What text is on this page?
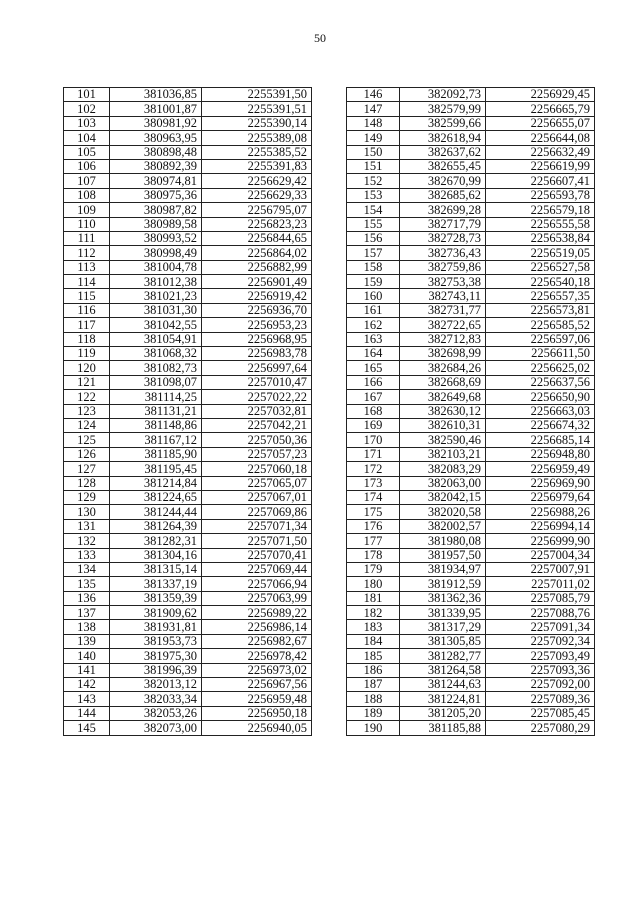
50
101	381036,85	2255391,50
102	381001,87	2255391,51
103	380981,92	2255390,14
104	380963,95	2255389,08
105	380898,48	2255385,52
106	380892,39	2255391,83
107	380974,81	2256629,42
108	380975,36	2256629,33
109	380987,82	2256795,07
110	380989,58	2256823,23
111	380993,52	2256844,65
112	380998,49	2256864,02
113	381004,78	2256882,99
114	381012,38	2256901,49
115	381021,23	2256919,42
116	381031,30	2256936,70
117	381042,55	2256953,23
118	381054,91	2256968,95
119	381068,32	2256983,78
120	381082,73	2256997,64
121	381098,07	2257010,47
122	381114,25	2257022,22
123	381131,21	2257032,81
124	381148,86	2257042,21
125	381167,12	2257050,36
126	381185,90	2257057,23
127	381195,45	2257060,18
128	381214,84	2257065,07
129	381224,65	2257067,01
130	381244,44	2257069,86
131	381264,39	2257071,34
132	381282,31	2257071,50
133	381304,16	2257070,41
134	381315,14	2257069,44
135	381337,19	2257066,94
136	381359,39	2257063,99
137	381909,62	2256989,22
138	381931,81	2256986,14
139	381953,73	2256982,67
140	381975,30	2256978,42
141	381996,39	2256973,02
142	382013,12	2256967,56
143	382033,34	2256959,48
144	382053,26	2256950,18
145	382073,00	2256940,05
146	382092,73	2256929,45
147	382579,99	2256665,79
148	382599,66	2256655,07
149	382618,94	2256644,08
150	382637,62	2256632,49
151	382655,45	2256619,99
152	382670,99	2256607,41
153	382685,62	2256593,78
154	382699,28	2256579,18
155	382717,79	2256555,58
156	382728,73	2256538,84
157	382736,43	2256519,05
158	382759,86	2256527,58
159	382753,38	2256540,18
160	382743,11	2256557,35
161	382731,77	2256573,81
162	382722,65	2256585,52
163	382712,83	2256597,06
164	382698,99	2256611,50
165	382684,26	2256625,02
166	382668,69	2256637,56
167	382649,68	2256650,90
168	382630,12	2256663,03
169	382610,31	2256674,32
170	382590,46	2256685,14
171	382103,21	2256948,80
172	382083,29	2256959,49
173	382063,00	2256969,90
174	382042,15	2256979,64
175	382020,58	2256988,26
176	382002,57	2256994,14
177	381980,08	2256999,90
178	381957,50	2257004,34
179	381934,97	2257007,91
180	381912,59	2257011,02
181	381362,36	2257085,79
182	381339,95	2257088,76
183	381317,29	2257091,34
184	381305,85	2257092,34
185	381282,77	2257093,49
186	381264,58	2257093,36
187	381244,63	2257092,00
188	381224,81	2257089,36
189	381205,20	2257085,45
190	381185,88	2257080,29
